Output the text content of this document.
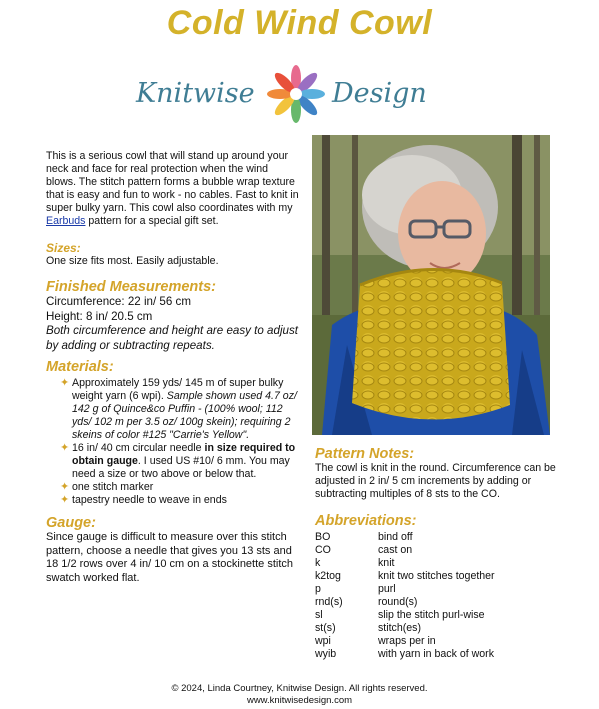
Cold Wind Cowl
Knitwise	Design

This is a serious cowl that will stand up around your neck and face for real protection when the wind blows. The stitch pattern forms a bubble wrap texture that is easy and fun to work - no cables. Fast to knit in super bulky yarn. This cowl also coordinates with my Earbuds pattern for a special gift set.

Sizes:

One size fits most. Easily adjustable.

Finished Measurements:

Circumference: 22 in/ 56 cm

Height: 8 in/ 20.5 cm

Both circumference and height are easy to adjust by adding or subtracting repeats.

Materials:

✦ Approximately 159 yds/ 145 m of super bulky weight yarn (6 wpi). Sample shown used 4.7 oz/ 142 g of Quince&co Puffin - (100% wool; 112 yds/ 102 m per 3.5 oz/ 100g skein); requiring 2 skeins of color #125 "Carrie's Yellow".
✦ 16 in/ 40 cm circular needle in size required to obtain gauge. I used US #10/ 6 mm. You may need a size or two above or below that.
✦ one stitch marker
✦ tapestry needle to weave in ends

Gauge:

Since gauge is difficult to measure over this stitch pattern, choose a needle that gives you 13 sts and 18 1/2 rows over 4 in/ 10 cm on a stockinette stitch swatch worked flat.

Pattern Notes:

The cowl is knit in the round. Circumference can be adjusted in 2 in/ 5 cm increments by adding or subtracting multiples of 8 sts to the CO.

Abbreviations:

BO	bind off
CO	cast on
k	knit
k2tog	knit two stitches together
p	purl
rnd(s)	round(s)
sl	slip the stitch purl-wise
st(s)	stitch(es)
wpi	wraps per in
wyib	with yarn in back of work
© 2024, Linda Courtney, Knitwise Design. All rights reserved.
www.knitwisedesign.com
